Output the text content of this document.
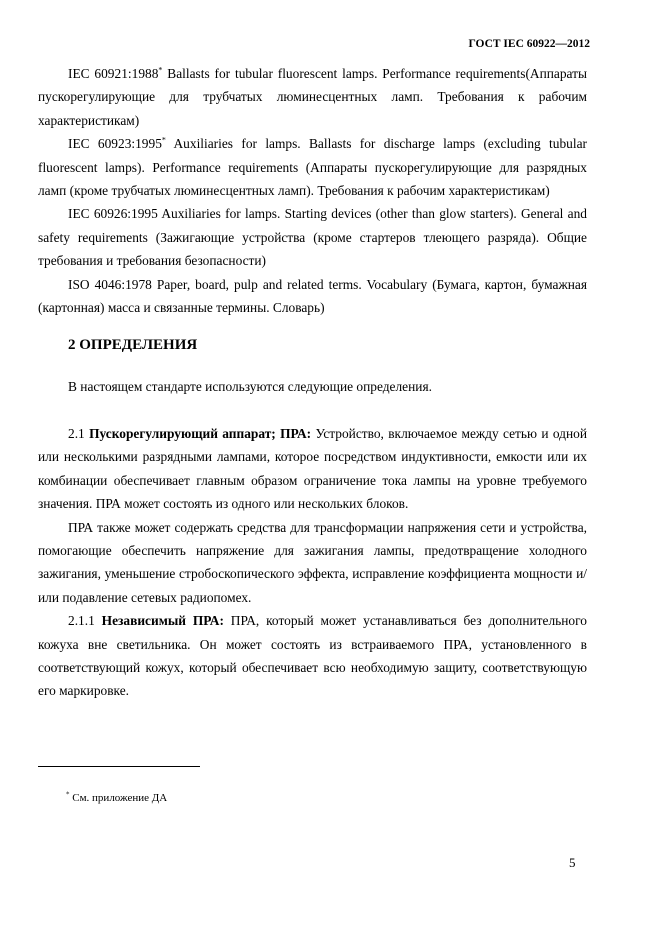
ГОСТ IEC 60922—2012

IEC 60921:1988* Ballasts for tubular fluorescent lamps. Performance requirements(Аппараты пускорегулирующие для трубчатых люминесцентных ламп. Требования к рабочим характеристикам)

IEC 60923:1995* Auxiliaries for lamps. Ballasts for discharge lamps (excluding tubular fluorescent lamps). Performance requirements (Аппараты пускорегулирующие для разрядных ламп (кроме трубчатых люминесцентных ламп). Требования к рабочим характеристикам)

IEC 60926:1995 Auxiliaries for lamps. Starting devices (other than glow starters). General and safety requirements (Зажигающие устройства (кроме стартеров тлеющего разряда). Общие требования и требования безопасности)

ISO 4046:1978 Paper, board, pulp and related terms. Vocabulary (Бумага, картон, бумажная (картонная) масса и связанные термины. Словарь)

2 ОПРЕДЕЛЕНИЯ

В настоящем стандарте используются следующие определения.

2.1 Пускорегулирующий аппарат; ПРА: Устройство, включаемое между сетью и одной или несколькими разрядными лампами, которое посредством индуктивности, емкости или их комбинации обеспечивает главным образом ограничение тока лампы на уровне требуемого значения. ПРА может состоять из одного или нескольких блоков.

ПРА также может содержать средства для трансформации напряжения сети и устройства, помогающие обеспечить напряжение для зажигания лампы, предотвращение холодного зажигания, уменьшение стробоскопического эффекта, исправление коэффициента мощности и/или подавление сетевых радиопомех.

2.1.1 Независимый ПРА: ПРА, который может устанавливаться без дополнительного кожуха вне светильника. Он может состоять из встраиваемого ПРА, установленного в соответствующий кожух, который обеспечивает всю необходимую защиту, соответствующую его маркировке.

* См. приложение ДА
5
